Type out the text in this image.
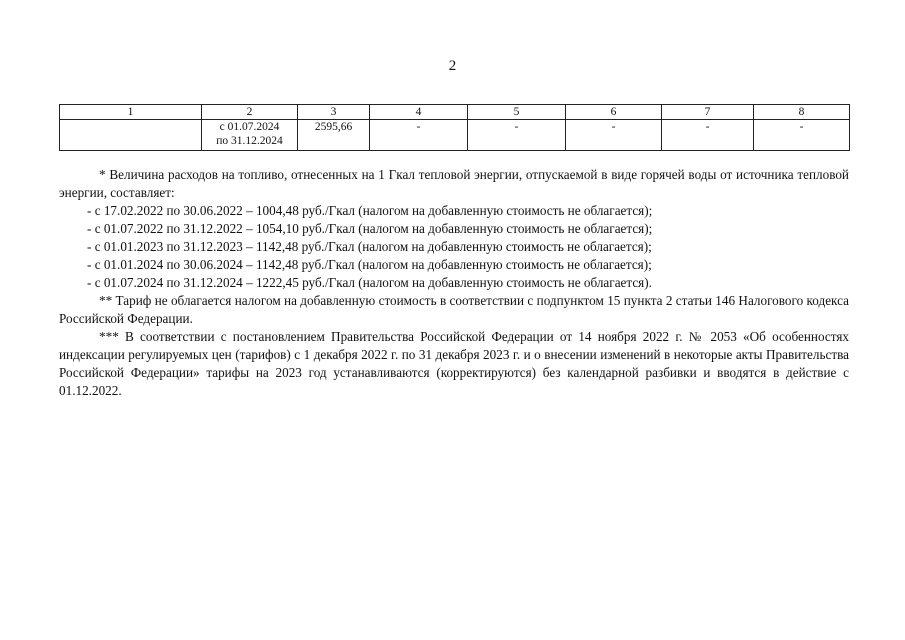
2
1	2	3	4	5	6	7	8

	с 01.07.2024
по 31.12.2024	2595,66	-	-	-	-	-

* Величина расходов на топливо, отнесенных на 1 Гкал тепловой энергии, отпускаемой в виде горячей воды от источника тепловой энергии, составляет:

- с 17.02.2022 по 30.06.2022 – 1004,48 руб./Гкал (налогом на добавленную стоимость не облагается);

- с 01.07.2022 по 31.12.2022 – 1054,10 руб./Гкал (налогом на добавленную стоимость не облагается);

- с 01.01.2023 по 31.12.2023 – 1142,48 руб./Гкал (налогом на добавленную стоимость не облагается);

- с 01.01.2024 по 30.06.2024 – 1142,48 руб./Гкал (налогом на добавленную стоимость не облагается);

- с 01.07.2024 по 31.12.2024 – 1222,45 руб./Гкал (налогом на добавленную стоимость не облагается).

** Тариф не облагается налогом на добавленную стоимость в соответствии с подпунктом 15 пункта 2 статьи 146 Налогового кодекса Российской Федерации.

*** В соответствии с постановлением Правительства Российской Федерации от 14 ноября 2022 г. № 2053 «Об особенностях индексации регулируемых цен (тарифов) с 1 декабря 2022 г. по 31 декабря 2023 г. и о внесении изменений в некоторые акты Правительства Российской Федерации» тарифы на 2023 год устанавливаются (корректируются) без календарной разбивки и вводятся в действие с 01.12.2022.
